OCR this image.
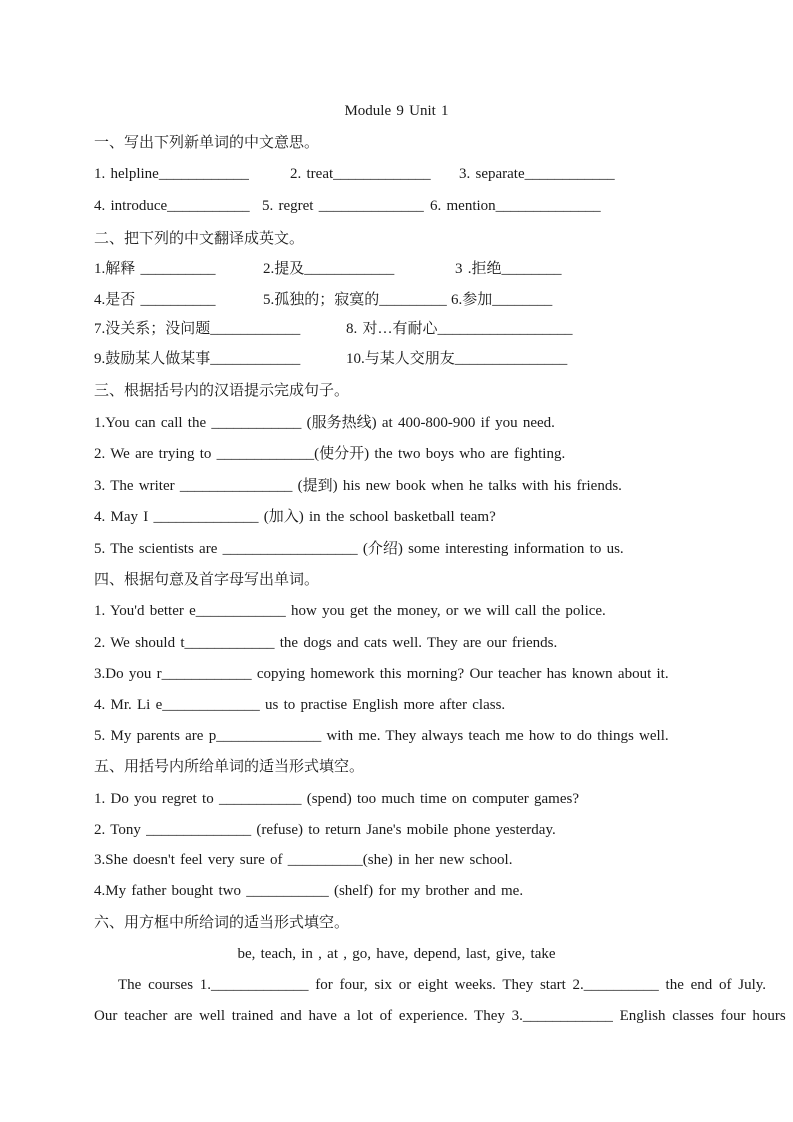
Module 9 Unit 1
一、写出下列新单词的中文意思。
1. helpline____________	2. treat_____________ 3. separate____________
4. introduce___________ 5. regret ______________ 6. mention______________
二、把下列的中文翻译成英文。
1.解释 __________	2.提及____________	3 .拒绝________
4.是否 __________	5.孤独的；寂寞的_________ 6.参加________
7.没关系；没问题____________	8. 对…有耐心__________________
9.鼓励某人做某事____________	10.与某人交朋友_______________
三、根据括号内的汉语提示完成句子。
1.You can call the ____________ (服务热线) at 400-800-900 if you need.
2. We are trying to _____________(使分开) the two boys who are fighting.
3. The writer _______________ (提到) his new book when he talks with his friends.
4. May I ______________ (加入) in the school basketball team?
5. The scientists are __________________ (介绍) some interesting information to us.
四、根据句意及首字母写出单词。
1. You'd better e____________ how you get the money, or we will call the police.
2. We should t____________ the dogs and cats well. They are our friends.
3.Do you r____________ copying homework this morning? Our teacher has known about it.
4. Mr. Li e_____________ us to practise English more after class.
5. My parents are p______________ with me. They always teach me how to do things well.
五、用括号内所给单词的适当形式填空。
1. Do you regret to ___________ (spend) too much time on computer games?
2. Tony ______________ (refuse) to return Jane's mobile phone yesterday.
3.She doesn't feel very sure of __________(she) in her new school.
4.My father bought two ___________ (shelf) for my brother and me.
六、用方框中所给词的适当形式填空。
be, teach, in , at , go, have, depend, last, give, take
The courses 1._____________ for four, six or eight weeks. They start 2.__________ the end of July.
Our teacher are well trained and have a lot of experience. They 3.____________ English classes four hours
